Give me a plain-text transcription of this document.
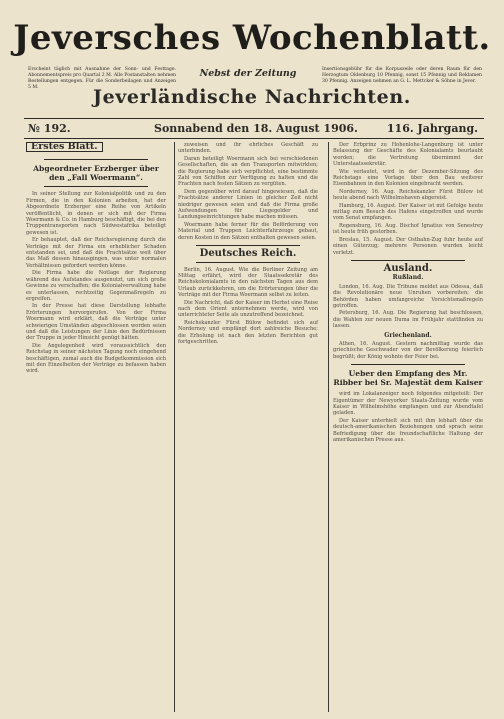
Jeversches Wochenblatt.
Erscheint täglich mit Ausnahme der Sonn- und Festtage. Abonnementspreis pro Quartal 2 M. Alle Postanstalten nehmen Bestellungen entgegen. Für die Sonderbeilagen und Anzeigen 5 M.
Nebst der Zeitung	Insertionsgebühr für die Korpuszeile oder deren Raum für den Herzogtum Oldenburg 10 Pfennig, sonst 15 Pfennig und Reklamen 30 Pfennig. Anzeigen nehmen an G. L. Mettcker & Söhne in Jever.
Jeverländische Nachrichten.
№ 192.	Sonnabend den 18. August 1906.	116. Jahrgang.
Erstes Blatt.
Abgeordneter Erzberger über den „Fall Woermann“.

In seiner Stellung zur Kolonialpolitik und zu den Firmen, die in den Kolonien arbeiten, hat der Abgeordnete Erzberger eine Reihe von Artikeln veröffentlicht, in denen er sich mit der Firma Woermann & Co. in Hamburg beschäftigt, die bei den Truppentransporten nach Südwestafrika beteiligt gewesen ist.

Er behauptet, daß der Reichsregierung durch die Verträge mit der Firma ein erheblicher Schaden entstanden sei, und daß die Frachtsätze weit über das Maß dessen hinausgingen, was unter normalen Verhältnissen gefordert werden könne.

Die Firma habe die Notlage der Regierung während des Aufstandes ausgenutzt, um sich große Gewinne zu verschaffen; die Kolonialverwaltung habe es unterlassen, rechtzeitig Gegenmaßregeln zu ergreifen.

In der Presse hat diese Darstellung lebhafte Erörterungen hervorgerufen. Von der Firma Woermann wird erklärt, daß die Verträge unter schwierigen Umständen abgeschlossen worden seien und daß die Leistungen der Linie den Bedürfnissen der Truppe in jeder Hinsicht genügt hätten.

Die Angelegenheit wird voraussichtlich den Reichstag in seiner nächsten Tagung noch eingehend beschäftigen, zumal auch die Budgetkommission sich mit den Einzelheiten der Verträge zu befassen haben wird.

zuweisen und ihr ehrliches Geschäft zu unterbinden.

Daran beteiligt Woermann sich bei verschiedenen Gesellschaften, die an den Transporten mitwirkten; die Regierung habe sich verpflichtet, eine bestimmte Zahl von Schiffen zur Verfügung zu halten und die Frachten nach festen Sätzen zu vergüten.

Dem gegenüber wird darauf hingewiesen, daß die Frachtsätze anderer Linien in gleicher Zeit nicht niedriger gewesen seien und daß die Firma große Aufwendungen für Liegegelder und Landungseinrichtungen habe machen müssen.

Woermann habe ferner für die Beförderung von Material und Truppen Leichterfahrzeuge gebaut, deren Kosten in den Sätzen enthalten gewesen seien.

Deutsches Reich.

Berlin, 16. August. Wie die Berliner Zeitung am Mittag erfährt, wird der Staatssekretär des Reichskolonialamts in den nächsten Tagen aus dem Urlaub zurückkehren, um die Erörterungen über die Verträge mit der Firma Woermann selbst zu leiten.

Die Nachricht, daß der Kaiser im Herbst eine Reise nach dem Orient unternehmen werde, wird von unterrichteter Seite als unzutreffend bezeichnet.

Reichskanzler Fürst Bülow befindet sich auf Norderney und empfängt dort zahlreiche Besuche; die Erholung ist nach den letzten Berichten gut fortgeschritten.

Der Erbprinz zu Hohenlohe-Langenburg ist unter Belassung der Geschäfte des Kolonialamts beurlaubt worden; die Vertretung übernimmt der Unterstaatssekretär.

Wie verlautet, wird in der Dezember-Sitzung des Reichstags eine Vorlage über den Bau weiterer Eisenbahnen in den Kolonien eingebracht werden.

Norderney, 16. Aug. Reichskanzler Fürst Bülow ist heute abend nach Wilhelmshaven abgereist.

Hamburg, 16. August. Der Kaiser ist mit Gefolge heute mittag zum Besuch des Hafens eingetroffen und wurde vom Senat empfangen.

Regensburg, 16. Aug. Bischof Ignatius von Senestrey ist heute früh gestorben.

Breslau, 15. August. Der Ostbahn-Zug fuhr heute auf einen Güterzug; mehrere Personen wurden leicht verletzt.

Ausland.
Rußland.

London, 16. Aug. Die Tribune meldet aus Odessa, daß die Revolutionäre neue Unruhen vorbereiten; die Behörden haben umfangreiche Vorsichtsmaßregeln getroffen.

Petersburg, 16. Aug. Die Regierung hat beschlossen, die Wahlen zur neuen Duma im Frühjahr stattfinden zu lassen.

Griechenland.

Athen, 16. August. Gestern nachmittag wurde das griechische Geschwader von der Bevölkerung feierlich begrüßt; der König wohnte der Feier bei.

Ueber den Empfang des Mr. Ribber bei Sr. Majestät dem Kaiser

wird im Lokalanzeiger noch folgendes mitgeteilt: Der Eigentümer der Newyorker Staats-Zeitung wurde vom Kaiser in Wilhelmshöhe empfangen und zur Abendtafel geladen.

Der Kaiser unterhielt sich mit ihm lebhaft über die deutsch-amerikanischen Beziehungen und sprach seine Befriedigung über die freundschaftliche Haltung der amerikanischen Presse aus.
